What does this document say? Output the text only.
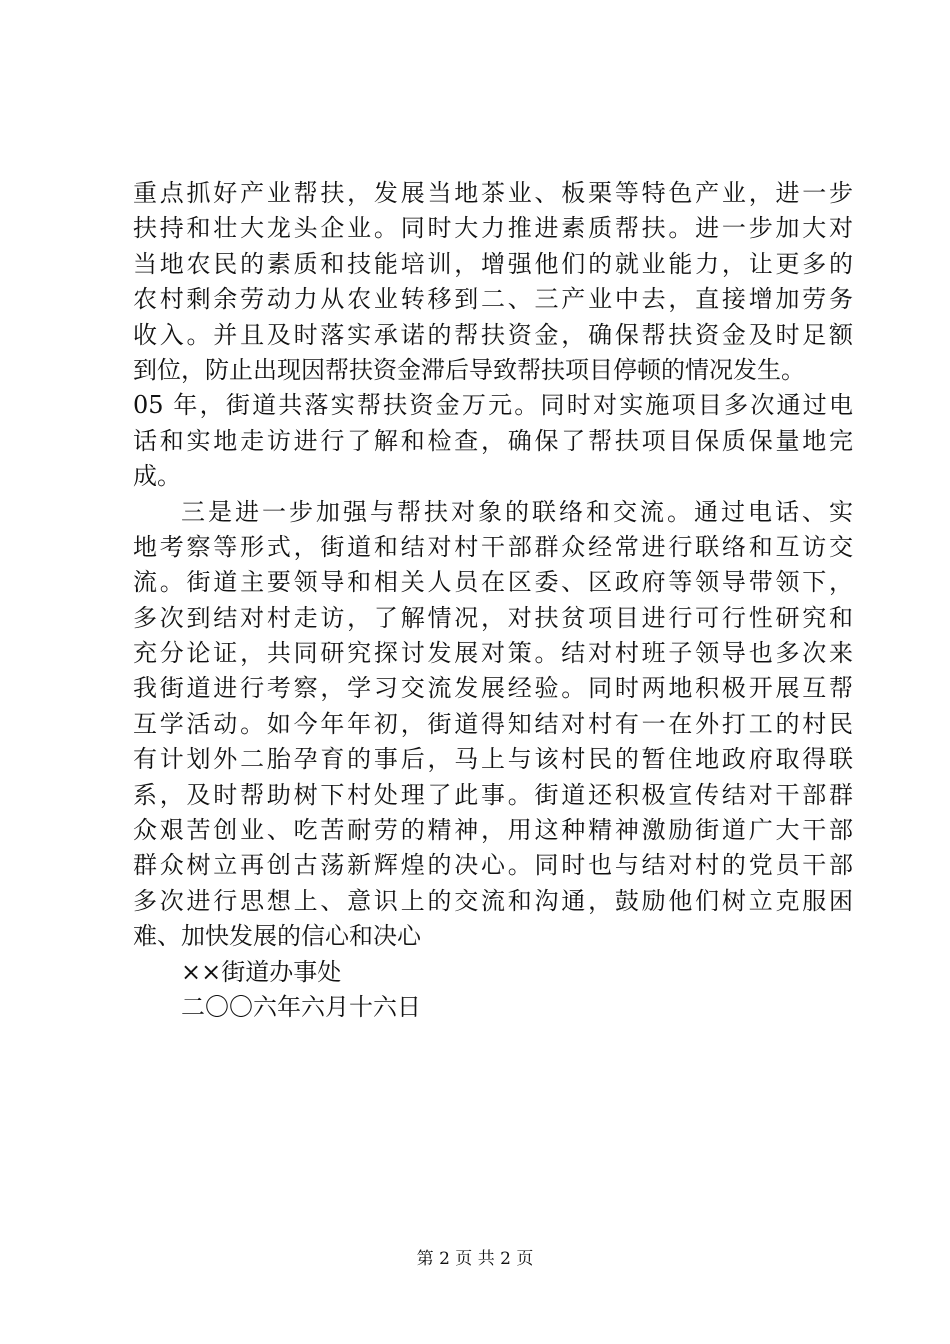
重点抓好产业帮扶，发展当地茶业、板栗等特色产业，进一步
扶持和壮大龙头企业。同时大力推进素质帮扶。进一步加大对
当地农民的素质和技能培训，增强他们的就业能力，让更多的
农村剩余劳动力从农业转移到二、三产业中去，直接增加劳务
收入。并且及时落实承诺的帮扶资金，确保帮扶资金及时足额
到位，防止出现因帮扶资金滞后导致帮扶项目停顿的情况发生。
05 年，街道共落实帮扶资金万元。同时对实施项目多次通过电
话和实地走访进行了解和检查，确保了帮扶项目保质保量地完
成。
三是进一步加强与帮扶对象的联络和交流。通过电话、实
地考察等形式，街道和结对村干部群众经常进行联络和互访交
流。街道主要领导和相关人员在区委、区政府等领导带领下，
多次到结对村走访，了解情况，对扶贫项目进行可行性研究和
充分论证，共同研究探讨发展对策。结对村班子领导也多次来
我街道进行考察，学习交流发展经验。同时两地积极开展互帮
互学活动。如今年年初，街道得知结对村有一在外打工的村民
有计划外二胎孕育的事后，马上与该村民的暂住地政府取得联
系，及时帮助树下村处理了此事。街道还积极宣传结对干部群
众艰苦创业、吃苦耐劳的精神，用这种精神激励街道广大干部
群众树立再创古荡新辉煌的决心。同时也与结对村的党员干部
多次进行思想上、意识上的交流和沟通，鼓励他们树立克服困
难、加快发展的信心和决心
××街道办事处
二〇〇六年六月十六日
第 2 页 共 2 页
